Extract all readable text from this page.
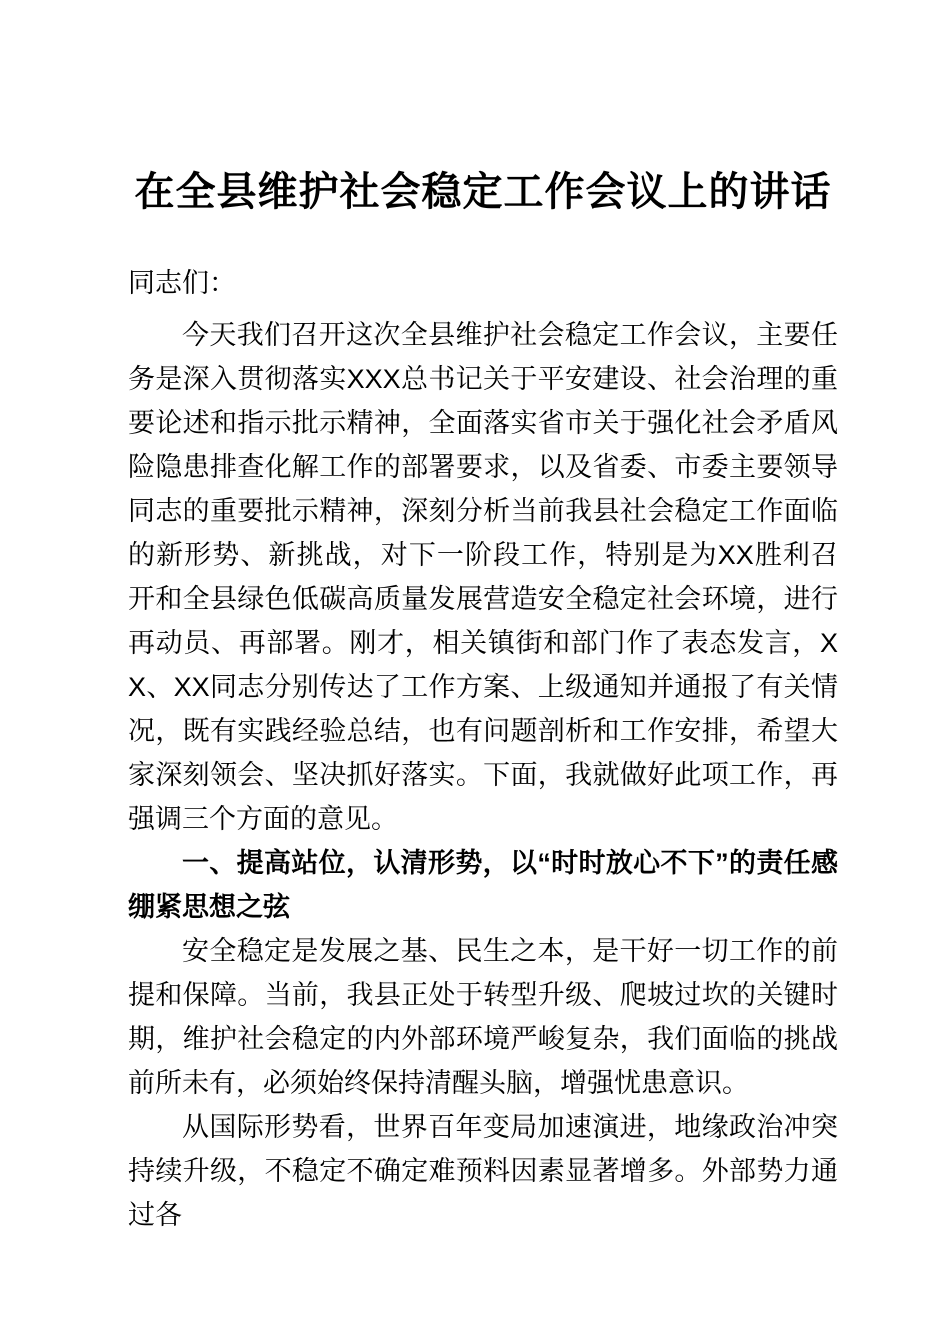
在全县维护社会稳定工作会议上的讲话

同志们：

今天我们召开这次全县维护社会稳定工作会议，主要任务是深入贯彻落实XXX总书记关于平安建设、社会治理的重要论述和指示批示精神，全面落实省市关于强化社会矛盾风险隐患排查化解工作的部署要求，以及省委、市委主要领导同志的重要批示精神，深刻分析当前我县社会稳定工作面临的新形势、新挑战，对下一阶段工作，特别是为XX胜利召开和全县绿色低碳高质量发展营造安全稳定社会环境，进行再动员、再部署。刚才，相关镇街和部门作了表态发言，XX、XX同志分别传达了工作方案、上级通知并通报了有关情况，既有实践经验总结，也有问题剖析和工作安排，希望大家深刻领会、坚决抓好落实。下面，我就做好此项工作，再强调三个方面的意见。

一、提高站位，认清形势，以“时时放心不下”的责任感绷紧思想之弦

安全稳定是发展之基、民生之本，是干好一切工作的前提和保障。当前，我县正处于转型升级、爬坡过坎的关键时期，维护社会稳定的内外部环境严峻复杂，我们面临的挑战前所未有，必须始终保持清醒头脑，增强忧患意识。

从国际形势看，世界百年变局加速演进，地缘政治冲突持续升级，不稳定不确定难预料因素显著增多。外部势力通过各
